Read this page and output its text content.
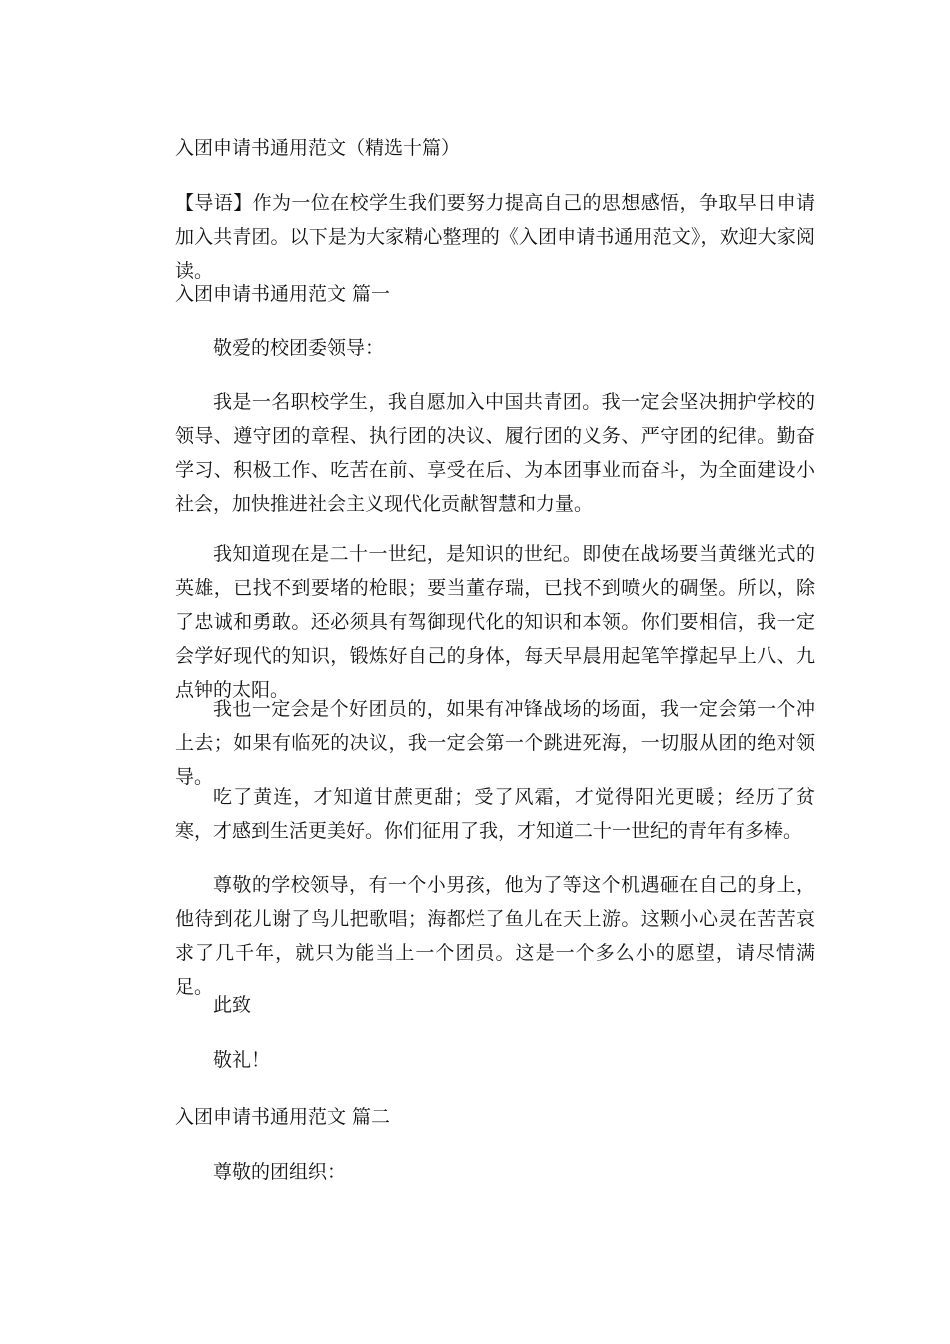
入团申请书通用范文（精选十篇）
【导语】作为一位在校学生我们要努力提高自己的思想感悟，争取早日申请加入共青团。以下是为大家精心整理的《入团申请书通用范文》，欢迎大家阅读。
入团申请书通用范文 篇一
敬爱的校团委领导：
我是一名职校学生，我自愿加入中国共青团。我一定会坚决拥护学校的领导、遵守团的章程、执行团的决议、履行团的义务、严守团的纪律。勤奋学习、积极工作、吃苦在前、享受在后、为本团事业而奋斗，为全面建设小社会，加快推进社会主义现代化贡献智慧和力量。
我知道现在是二十一世纪，是知识的世纪。即使在战场要当黄继光式的英雄，已找不到要堵的枪眼；要当董存瑞，已找不到喷火的碉堡。所以，除了忠诚和勇敢。还必须具有驾御现代化的知识和本领。你们要相信，我一定会学好现代的知识，锻炼好自己的身体，每天早晨用起笔竿撑起早上八、九点钟的太阳。
我也一定会是个好团员的，如果有冲锋战场的场面，我一定会第一个冲上去；如果有临死的决议，我一定会第一个跳进死海，一切服从团的绝对领导。
吃了黄连，才知道甘蔗更甜；受了风霜，才觉得阳光更暖；经历了贫寒，才感到生活更美好。你们征用了我，才知道二十一世纪的青年有多棒。
尊敬的学校领导，有一个小男孩，他为了等这个机遇砸在自己的身上，他待到花儿谢了鸟儿把歌唱；海都烂了鱼儿在天上游。这颗小心灵在苦苦哀求了几千年，就只为能当上一个团员。这是一个多么小的愿望，请尽情满足。
此致
敬礼！
入团申请书通用范文 篇二
尊敬的团组织：
